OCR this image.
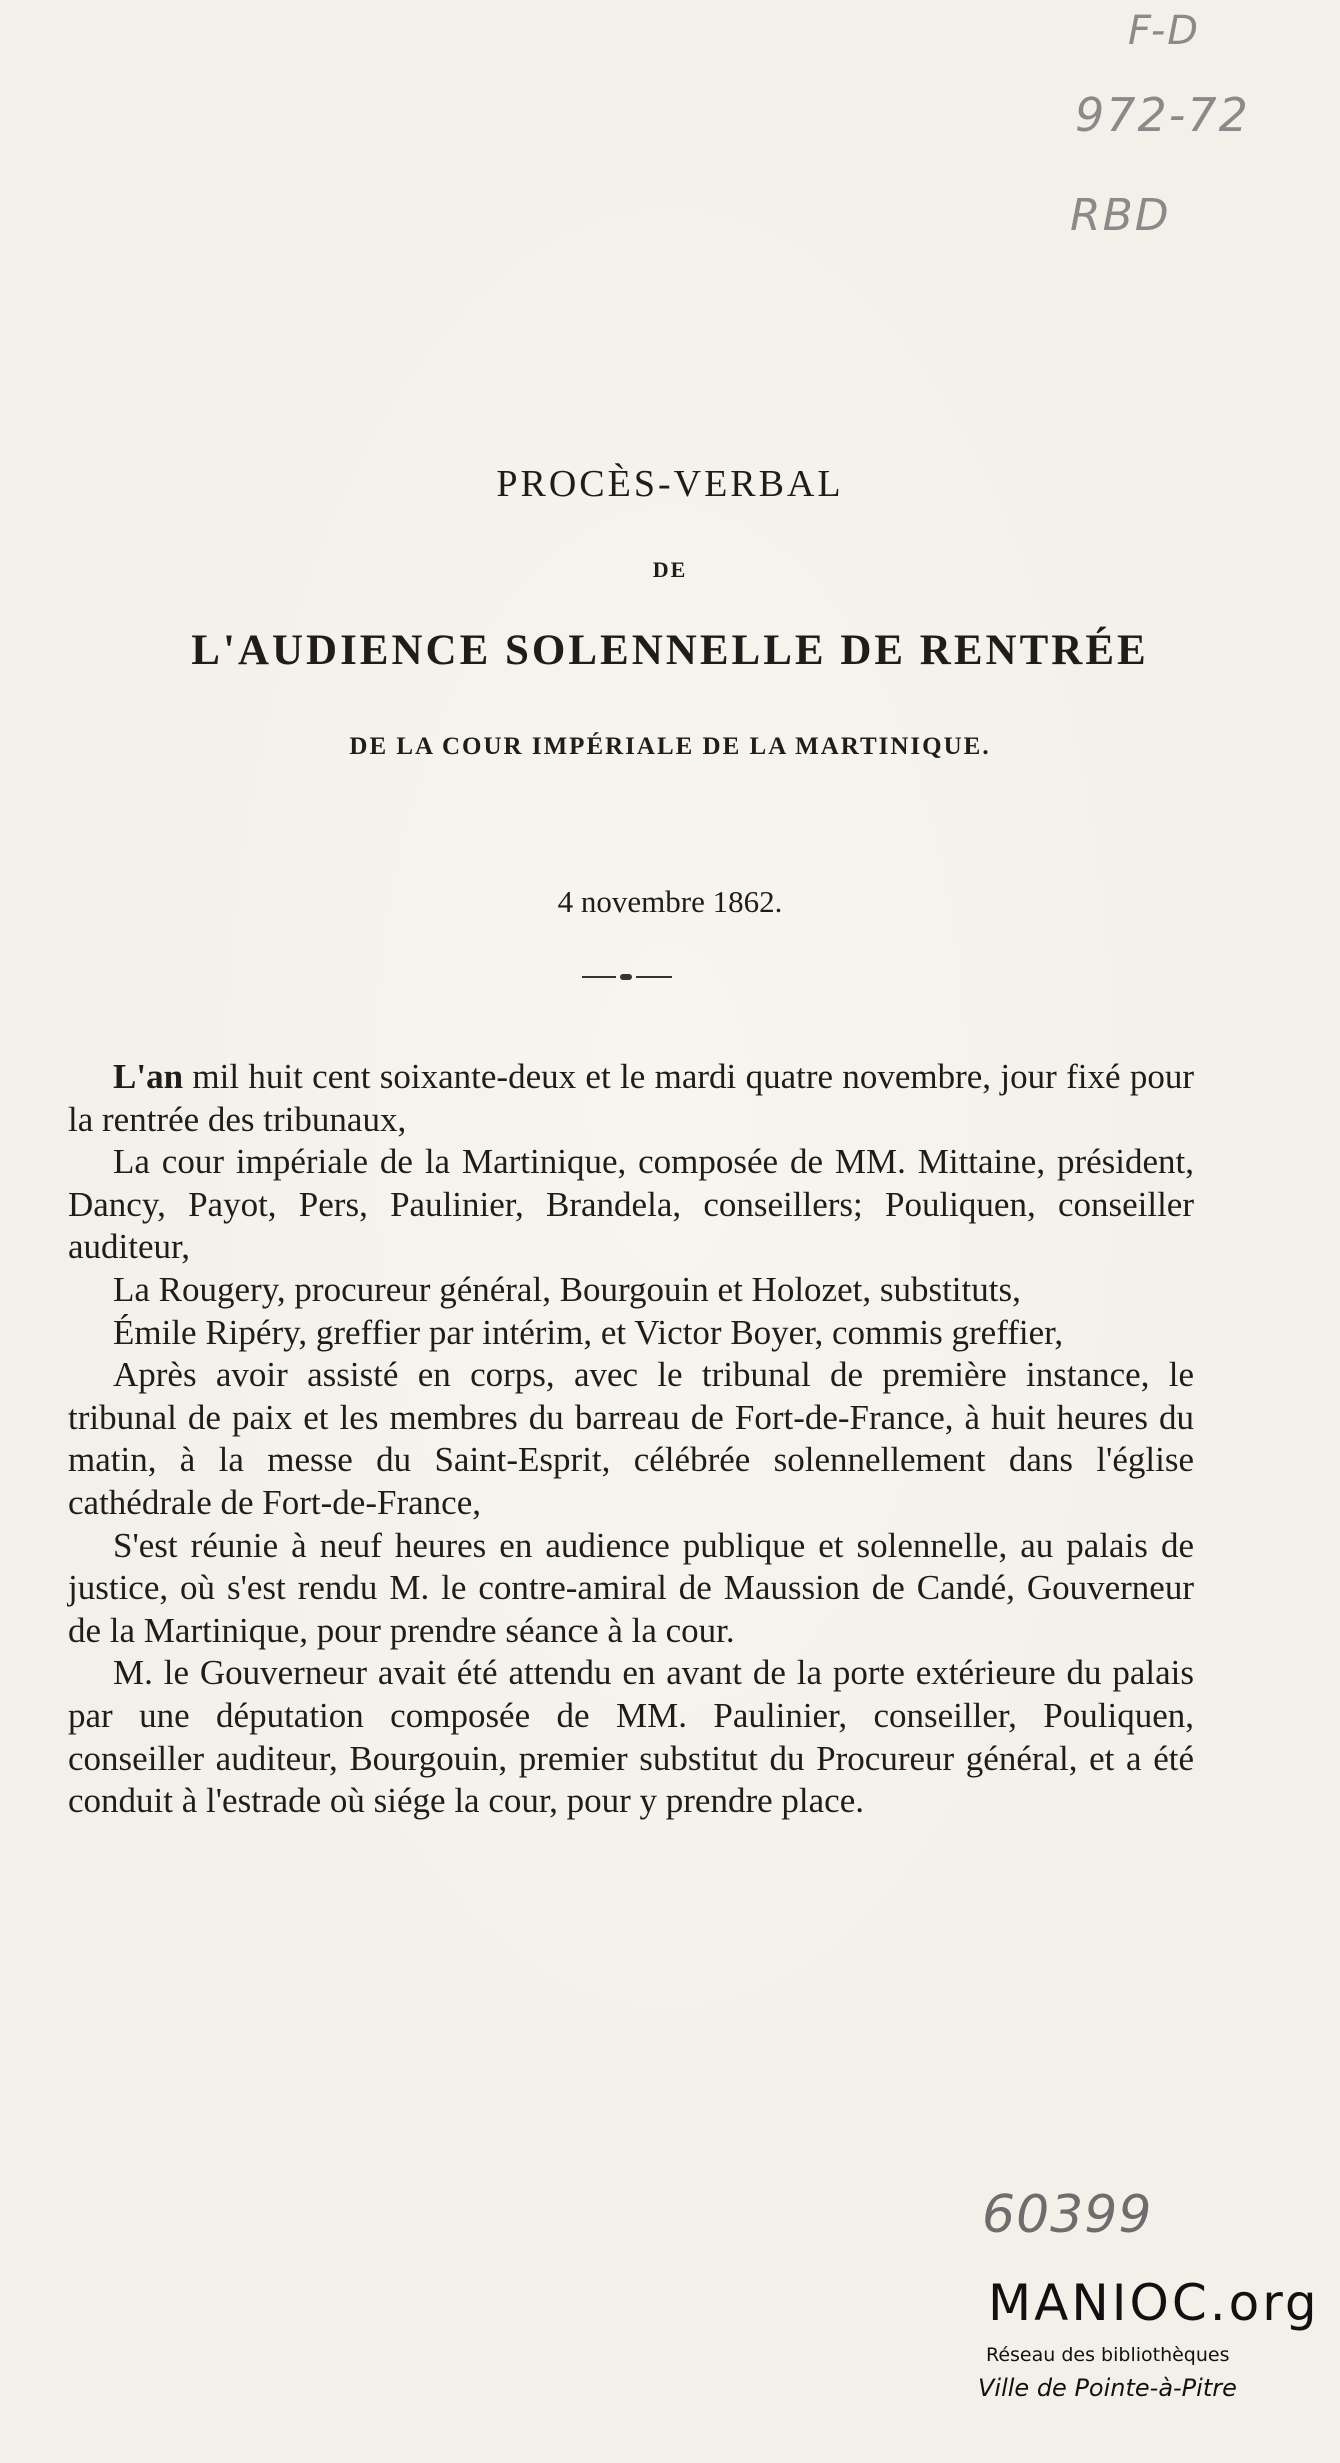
F-D
972-72
RBD
PROCÈS-VERBAL
DE
L'AUDIENCE SOLENNELLE DE RENTRÉE
DE LA COUR IMPÉRIALE DE LA MARTINIQUE.
4 novembre 1862.

L'an mil huit cent soixante-deux et le mardi quatre novembre, jour fixé pour la rentrée des tribunaux,

La cour impériale de la Martinique, composée de MM. Mittaine, président, Dancy, Payot, Pers, Paulinier, Brandela, conseillers; Pouliquen, conseiller auditeur,

La Rougery, procureur général, Bourgouin et Holozet, substituts,

Émile Ripéry, greffier par intérim, et Victor Boyer, commis greffier,

Après avoir assisté en corps, avec le tribunal de première instance, le tribunal de paix et les membres du barreau de Fort-de-France, à huit heures du matin, à la messe du Saint-Esprit, célébrée solennellement dans l'église cathédrale de Fort-de-France,

S'est réunie à neuf heures en audience publique et solennelle, au palais de justice, où s'est rendu M. le contre-amiral de Maussion de Candé, Gouverneur de la Martinique, pour prendre séance à la cour.

M. le Gouverneur avait été attendu en avant de la porte extérieure du palais par une députation composée de MM. Paulinier, conseiller, Pouliquen, conseiller auditeur, Bourgouin, premier substitut du Procureur général, et a été conduit à l'estrade où siége la cour, pour y prendre place.

60399
MANIOC.org
Réseau des bibliothèques
Ville de Pointe-à-Pitre
